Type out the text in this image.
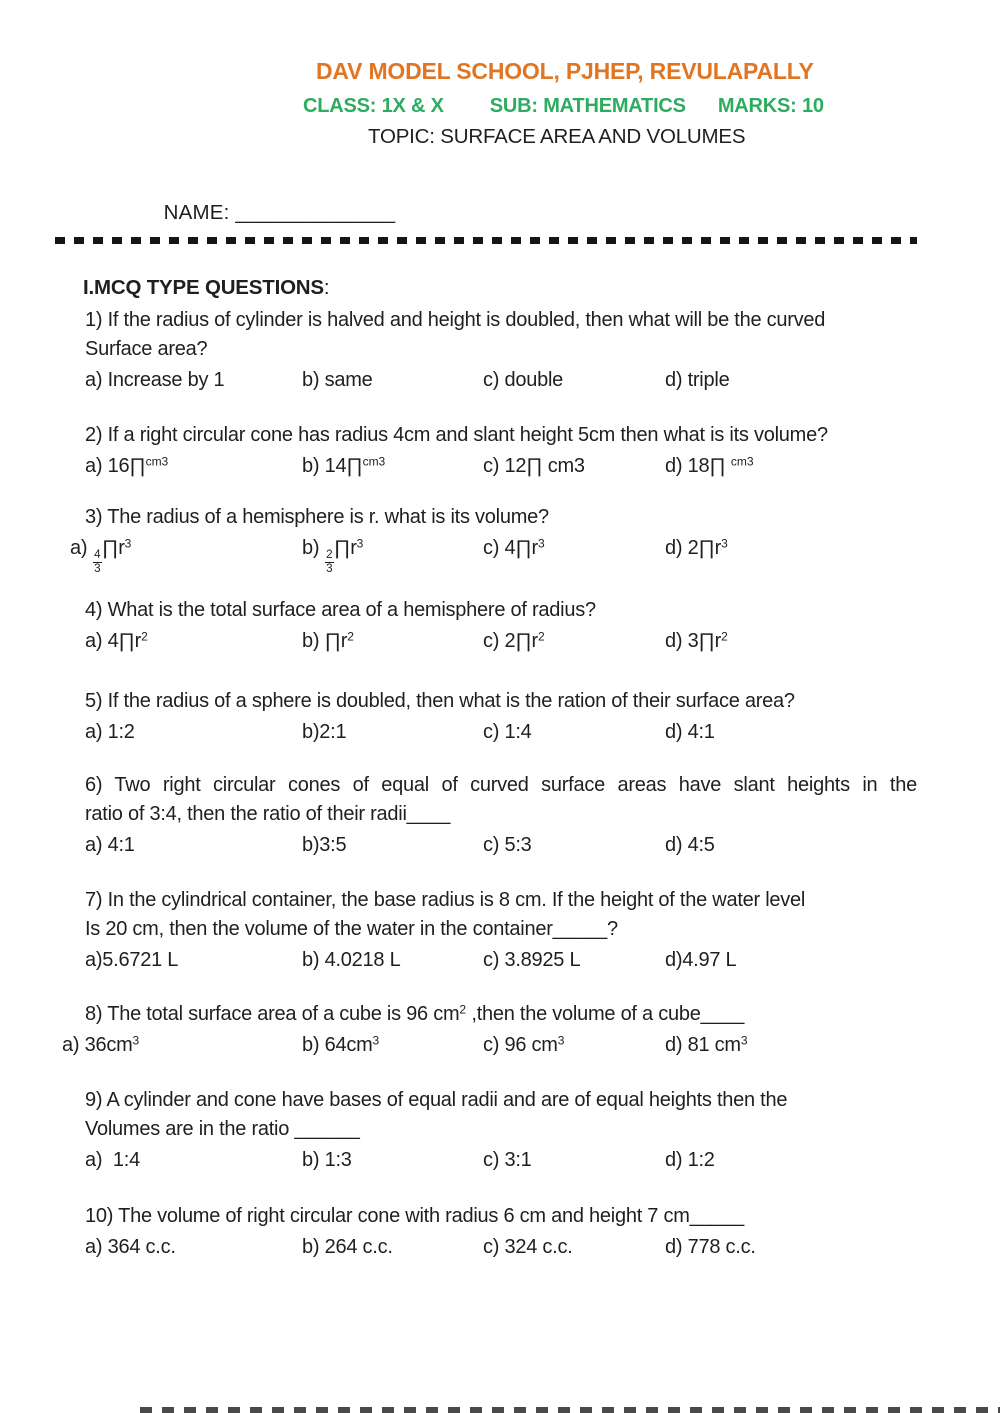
DAV MODEL SCHOOL, PJHEP, REVULAPALLY
CLASS: 1X & X SUB: MATHEMATICS MARKS: 10
TOPIC: SURFACE AREA AND VOLUMES

NAME: ______________

I.MCQ TYPE QUESTIONS:
1) If the radius of cylinder is halved and height is doubled, then what will be the curved
Surface area?
a) Increase by 1	b) same	c) double	d) triple
2) If a right circular cone has radius 4cm and slant height 5cm then what is its volume?
a) 16∏$^{cm3}$	b) 14∏$^{cm3}$	c) 12∏ cm3	d) 18∏ $^{cm3}$
3) The radius of a hemisphere is r. what is its volume?
a)
$\frac{4}{3}$
$\prod r^3$	b)
$\frac{2}{3}$
$\prod r^3$	c) $4\prod r^3$	d) $2\prod r^3$
4) What is the total surface area of a hemisphere of radius?
a) $4\prod r^2$	b) $\prod r^2$	c) $2\prod r^2$	d) $3\prod r^2$
5) If the radius of a sphere is doubled, then what is the ration of their surface area?
a) 1:2	b)2:1	c) 1:4	d) 4:1
6) Two right circular cones of equal of curved surface areas have slant heights in the
ratio of 3:4, then the ratio of their radii____
a) 4:1	b)3:5	c) 5:3	d) 4:5
7) In the cylindrical container, the base radius is 8 cm. If the height of the water level
Is 20 cm, then the volume of the water in the container_____?
a)5.6721 L	b) 4.0218 L	c) 3.8925 L	d)4.97 L
8) The total surface area of a cube is 96 $cm^2$ ,then the volume of a cube____
a) $36cm^3$	b) $64cm^3$	c) 96 $cm^3$	d) 81 $cm^3$
9) A cylinder and cone have bases of equal radii and are of equal heights then the
Volumes are in the ratio ______
a)  1:4	b) 1:3	c) 3:1	d) 1:2
10) The volume of right circular cone with radius 6 cm and height 7 cm_____
a) 364 c.c.	b) 264 c.c.	c) 324 c.c.	d) 778 c.c.
